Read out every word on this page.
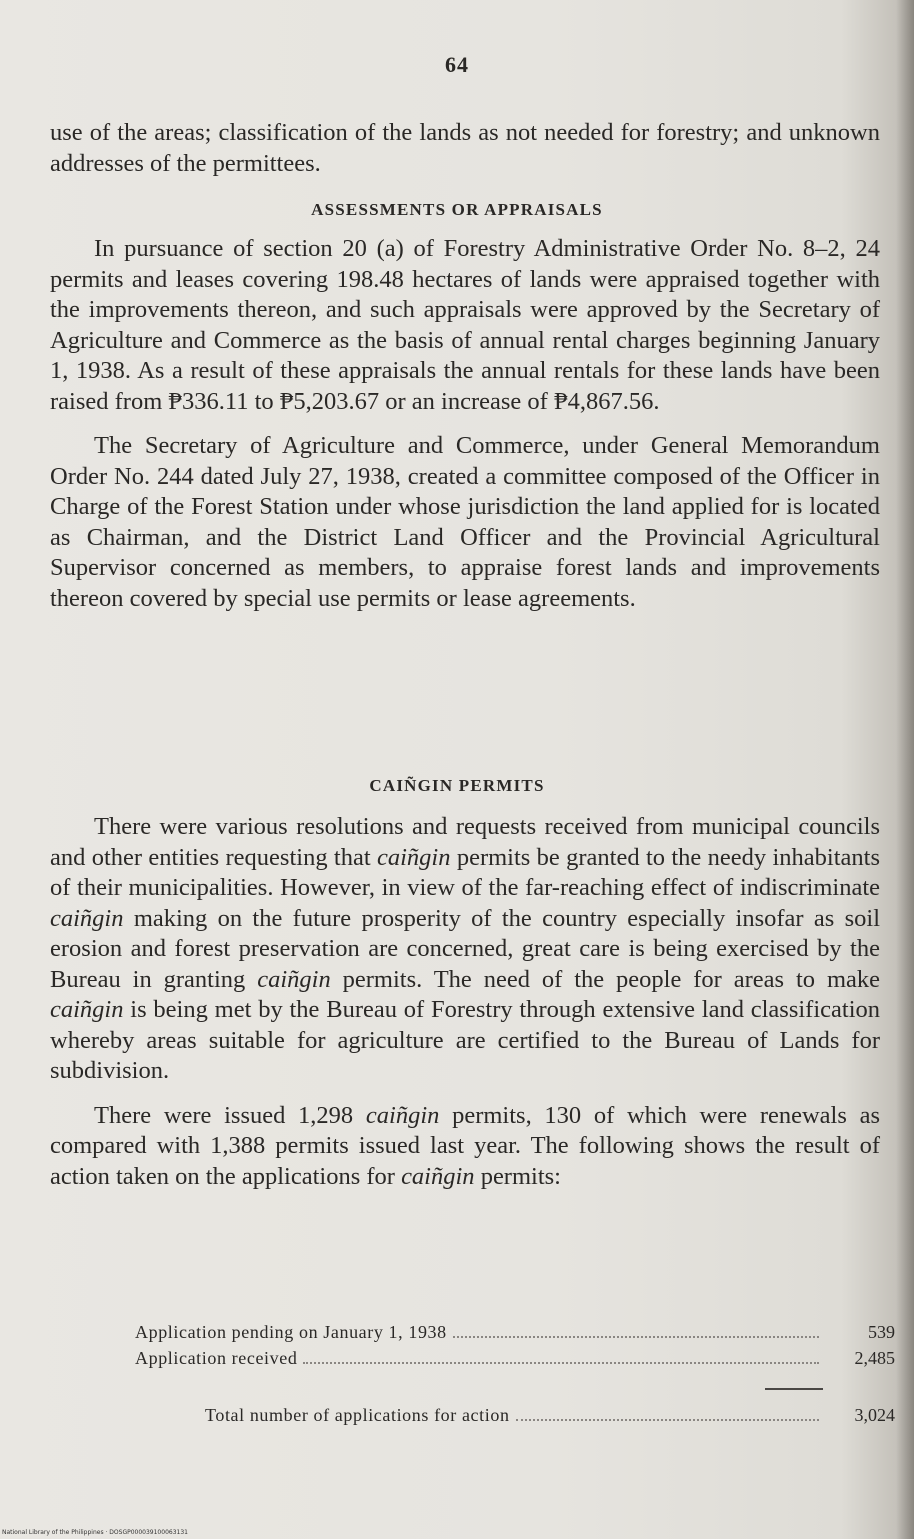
64

use of the areas; classification of the lands as not needed for forestry; and unknown addresses of the permittees.

ASSESSMENTS OR APPRAISALS

In pursuance of section 20 (a) of Forestry Administrative Order No. 8–2, 24 permits and leases covering 198.48 hectares of lands were appraised together with the improvements thereon, and such appraisals were approved by the Secretary of Agriculture and Commerce as the basis of annual rental charges beginning January 1, 1938. As a result of these appraisals the annual rentals for these lands have been raised from ₱336.11 to ₱5,203.67 or an increase of ₱4,867.56.

The Secretary of Agriculture and Commerce, under General Memorandum Order No. 244 dated July 27, 1938, created a committee composed of the Officer in Charge of the Forest Station under whose jurisdiction the land applied for is located as Chairman, and the District Land Officer and the Provincial Agricultural Supervisor concerned as members, to appraise forest lands and improvements thereon covered by special use permits or lease agreements.

CAIÑGIN PERMITS

There were various resolutions and requests received from municipal councils and other entities requesting that caiñgin permits be granted to the needy inhabitants of their municipalities. However, in view of the far-reaching effect of indiscriminate caiñgin making on the future prosperity of the country especially insofar as soil erosion and forest preservation are concerned, great care is being exercised by the Bureau in granting caiñgin permits. The need of the people for areas to make caiñgin is being met by the Bureau of Forestry through extensive land classification whereby areas suitable for agriculture are certified to the Bureau of Lands for subdivision.

There were issued 1,298 caiñgin permits, 130 of which were renewals as compared with 1,388 permits issued last year. The following shows the result of action taken on the applications for caiñgin permits:

Application pending on January 1, 1938	539
Application received	2,485
Total number of applications for action	3,024
National Library of the Philippines · DOSGP000039100063131
